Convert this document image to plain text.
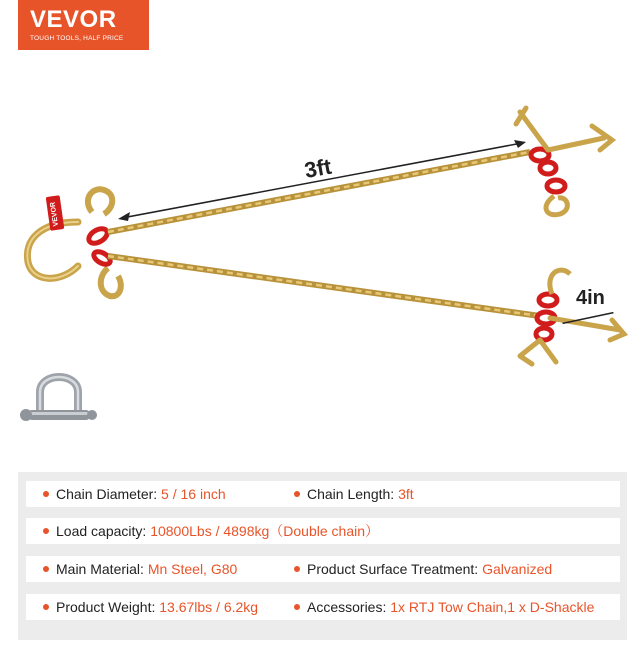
VEVOR
TOUGH TOOLS, HALF PRICE
VEVOR
3ft
4in
Chain Diameter: 5 / 16 inch	Chain Length: 3ft
Load capacity: 10800Lbs / 4898kg（Double chain）
Main Material: Mn Steel, G80	Product Surface Treatment: Galvanized
Product Weight: 13.67lbs / 6.2kg	Accessories: 1x RTJ Tow Chain,1 x D-Shackle
